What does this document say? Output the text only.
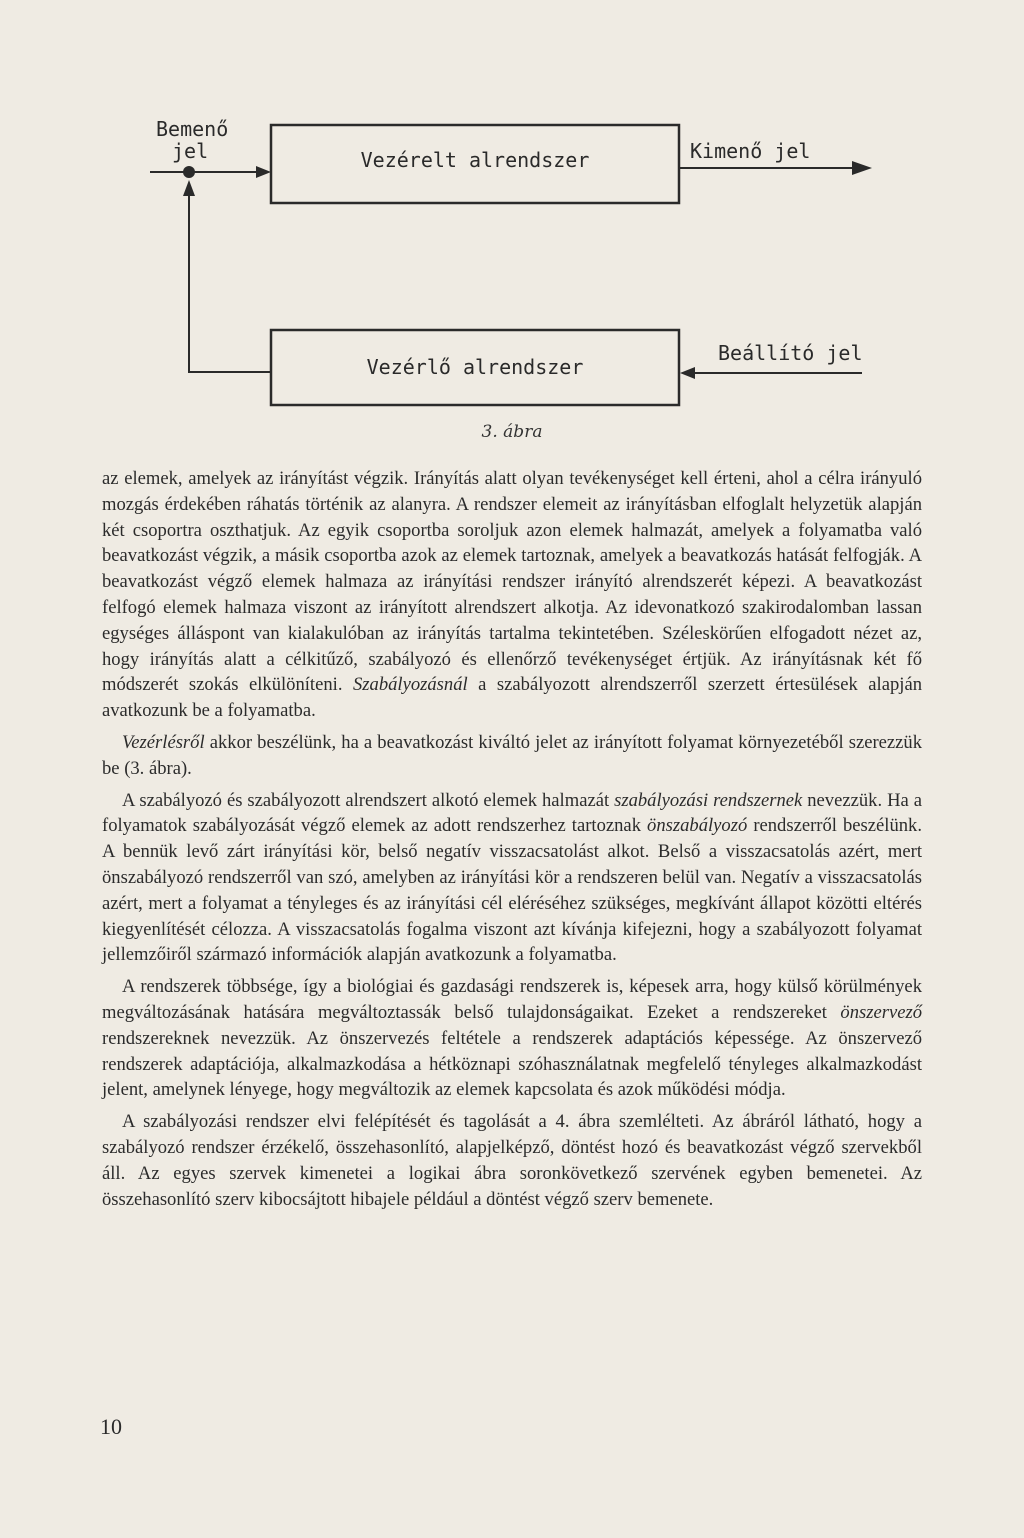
Bemenő
jel	Vezérelt alrendszer	Kimenő jel
Vezérlő alrendszer
Beállító jel
3. ábra

az elemek, amelyek az irányítást végzik. Irányítás alatt olyan tevékenységet kell érteni, ahol a célra irányuló mozgás érdekében ráhatás történik az alanyra. A rendszer elemeit az irányításban elfoglalt helyzetük alapján két csoportra oszthatjuk. Az egyik csoportba soroljuk azon elemek halmazát, amelyek a folyamatba való beavatkozást végzik, a másik csoportba azok az elemek tartoznak, amelyek a beavatkozás hatását felfogják. A beavatkozást végző elemek halmaza az irányítási rendszer irányító alrendszerét képezi. A beavatkozást felfogó elemek halmaza viszont az irányított alrendszert alkotja. Az idevonatkozó szakirodalomban lassan egységes álláspont van kialakulóban az irányítás tartalma tekintetében. Széleskörűen elfogadott nézet az, hogy irányítás alatt a célkitűző, szabályozó és ellenőrző tevékenységet értjük. Az irányításnak két fő módszerét szokás elkülöníteni. Szabályozásnál a szabályozott alrendszerről szerzett értesülések alapján avatkozunk be a folyamatba.

Vezérlésről akkor beszélünk, ha a beavatkozást kiváltó jelet az irányított folyamat környezetéből szerezzük be (3. ábra).

A szabályozó és szabályozott alrendszert alkotó elemek halmazát szabályozási rendszernek nevezzük. Ha a folyamatok szabályozását végző elemek az adott rendszerhez tartoznak önszabályozó rendszerről beszélünk. A bennük levő zárt irányítási kör, belső negatív visszacsatolást alkot. Belső a visszacsatolás azért, mert önszabályozó rendszerről van szó, amelyben az irányítási kör a rendszeren belül van. Negatív a visszacsatolás azért, mert a folyamat a tényleges és az irányítási cél eléréséhez szükséges, megkívánt állapot közötti eltérés kiegyenlítését célozza. A visszacsatolás fogalma viszont azt kívánja kifejezni, hogy a szabályozott folyamat jellemzőiről származó információk alapján avatkozunk a folyamatba.

A rendszerek többsége, így a biológiai és gazdasági rendszerek is, képesek arra, hogy külső körülmények megváltozásának hatására megváltoztassák belső tulajdonságaikat. Ezeket a rendszereket önszervező rendszereknek nevezzük. Az önszervezés feltétele a rendszerek adaptációs képessége. Az önszervező rendszerek adaptációja, alkalmazkodása a hétköznapi szóhasználatnak megfelelő tényleges alkalmazkodást jelent, amelynek lényege, hogy megváltozik az elemek kapcsolata és azok működési módja.

A szabályozási rendszer elvi felépítését és tagolását a 4. ábra szemlélteti. Az ábráról látható, hogy a szabályozó rendszer érzékelő, összehasonlító, alapjelképző, döntést hozó és beavatkozást végző szervekből áll. Az egyes szervek kimenetei a logikai ábra soronkövetkező szervének egyben bemenetei. Az összehasonlító szerv kibocsájtott hibajele például a döntést végző szerv bemenete.

10
